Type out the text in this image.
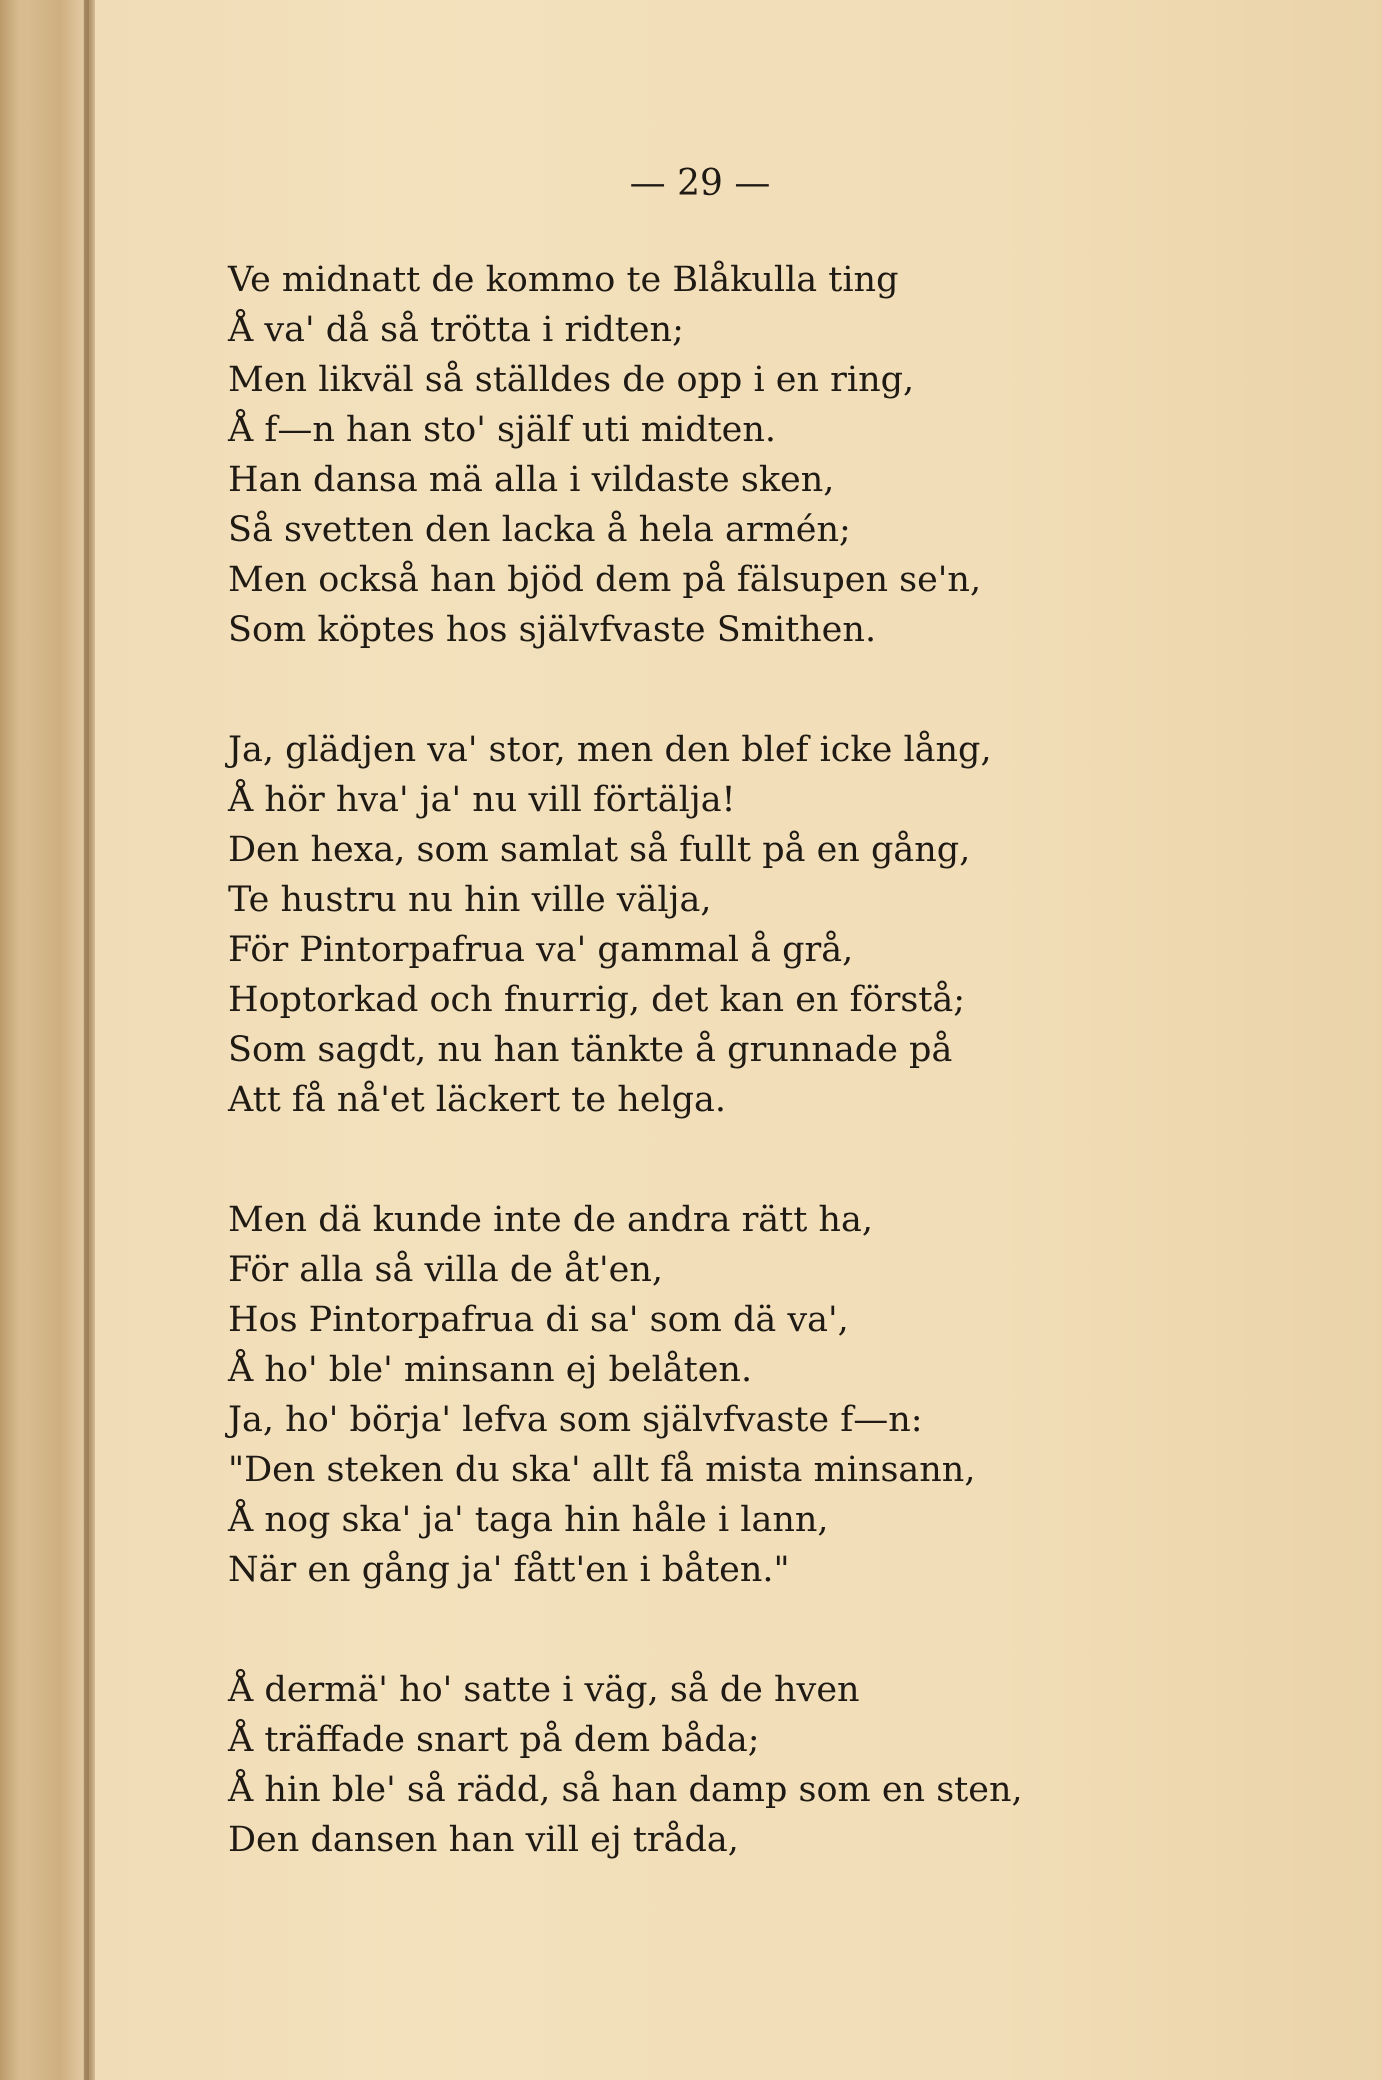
— 29 —
Ve midnatt de kommo te Blåkulla ting
Å va' då så trötta i ridten;
Men likväl så ställdes de opp i en ring,
Å f—n han sto' själf uti midten.
Han dansa mä alla i vildaste sken,
Så svetten den lacka å hela armén;
Men också han bjöd dem på fälsupen se'n,
Som köptes hos självfvaste Smithen.
Ja, glädjen va' stor, men den blef icke lång,
Å hör hva' ja' nu vill förtälja!
Den hexa, som samlat så fullt på en gång,
Te hustru nu hin ville välja,
För Pintorpafrua va' gammal å grå,
Hoptorkad och fnurrig, det kan en förstå;
Som sagdt, nu han tänkte å grunnade på
Att få nå'et läckert te helga.
Men dä kunde inte de andra rätt ha,
För alla så villa de åt'en,
Hos Pintorpafrua di sa' som dä va',
Å ho' ble' minsann ej belåten.
Ja, ho' börja' lefva som självfvaste f—n:
"Den steken du ska' allt få mista minsann,
Å nog ska' ja' taga hin håle i lann,
När en gång ja' fått'en i båten."
Å dermä' ho' satte i väg, så de hven
Å träffade snart på dem båda;
Å hin ble' så rädd, så han damp som en sten,
Den dansen han vill ej tråda,
